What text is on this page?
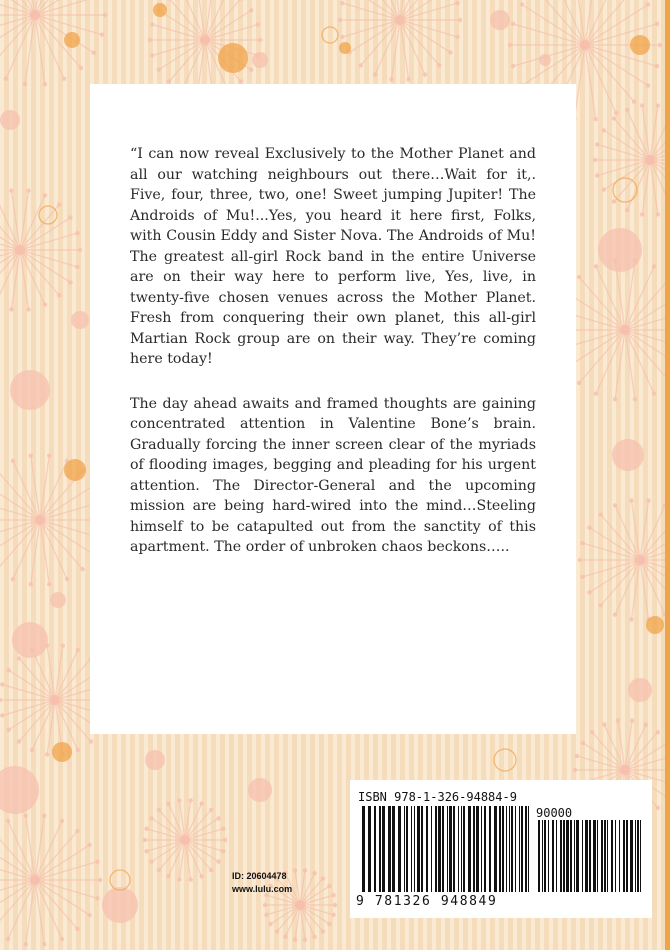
“I can now reveal Exclusively to the Mother Planet and all our watching neighbours out there…Wait for it,. Five, four, three, two, one! Sweet jumping Jupiter! The Androids of Mu!...Yes, you heard it here first, Folks, with Cousin Eddy and Sister Nova. The Androids of Mu! The greatest all-girl Rock band in the entire Universe are on their way here to perform live, Yes, live, in twenty-five chosen venues across the Mother Planet. Fresh from conquering their own planet, this all-girl Martian Rock group are on their way. They’re coming here today!

The day ahead awaits and framed thoughts are gaining concentrated attention in Valentine Bone’s brain. Gradually forcing the inner screen clear of the myriads of flooding images, begging and pleading for his urgent attention. The Director-General and the upcoming mission are being hard-wired into the mind…Steeling himself to be catapulted out from the sanctity of this apartment. The order of unbroken chaos beckons…..

ID: 20604478
www.lulu.com
ISBN 978-1-326-94884-9
90000
9 781326 948849
